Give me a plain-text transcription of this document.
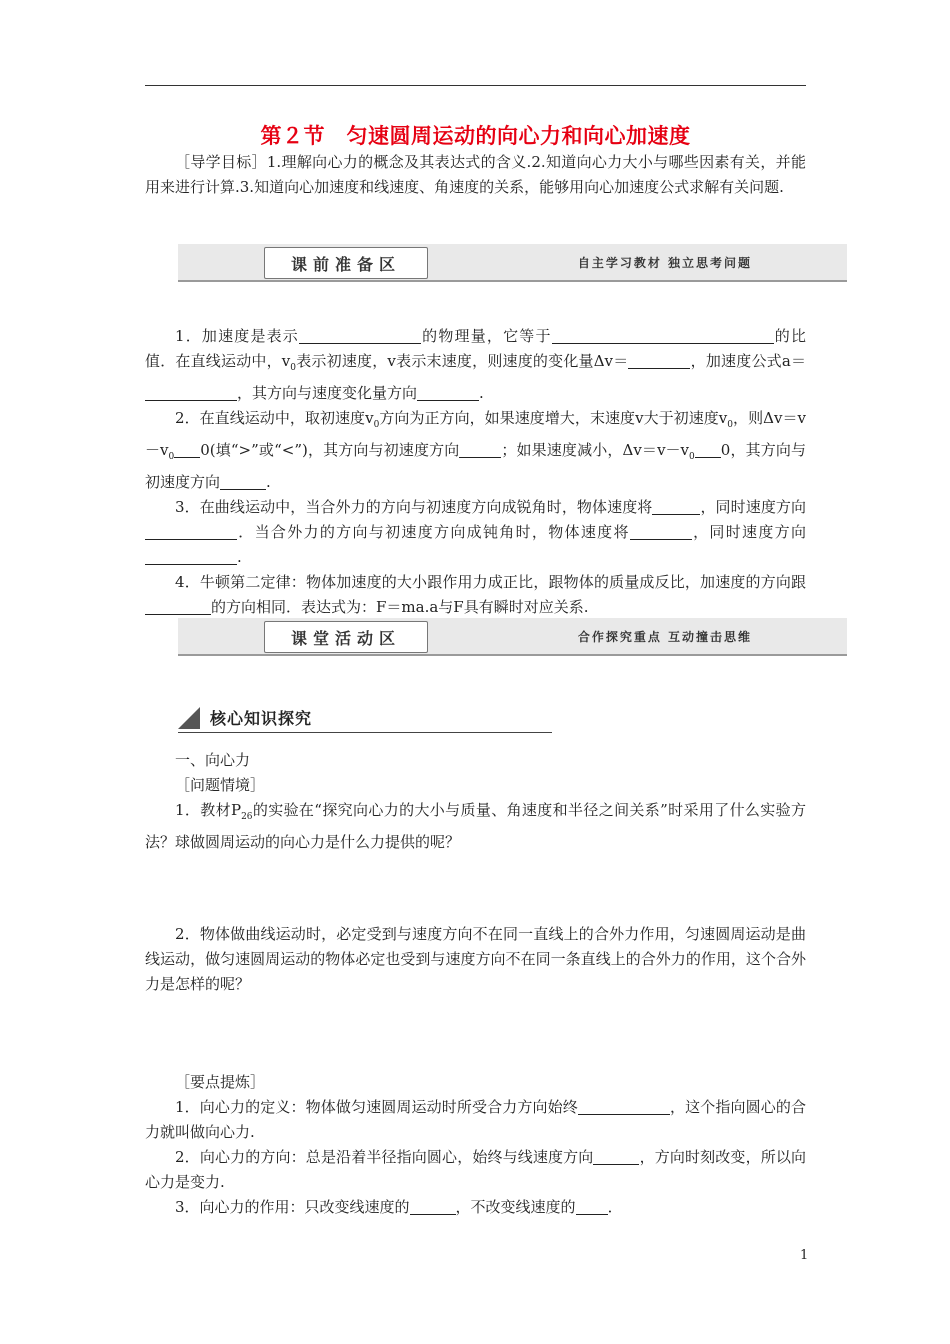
第２节　匀速圆周运动的向心力和向心加速度

［导学目标］1.理解向心力的概念及其表达式的含义.2.知道向心力大小与哪些因素有关，并能用来进行计算.3.知道向心加速度和线速度、角速度的关系，能够用向心加速度公式求解有关问题.

课前准备区	自主学习教材 独立思考问题

1．加速度是表示	的物理量，它等于	的比值．在直线运动中，$v_0$表示初速度，v表示末速度，则速度的变化量Δv＝	，加速度公式a＝，其方向与速度变化量方向	.

2．在直线运动中，取初速度$v_0$方向为正方向，如果速度增大，末速度v大于初速度$v_0$，则$\Delta v=v-v_0$ 0(填“>”或“<”)，其方向与初速度方向	；如果速度减小，$\Delta v=v-v_0$ 0，其方向与初速度方向	.

3．在曲线运动中，当合外力的方向与初速度方向成锐角时，物体速度将	，同时速度方向．当合外力的方向与初速度方向成钝角时，物体速度将	，同时速度方向.

4．牛顿第二定律：物体加速度的大小跟作用力成正比，跟物体的质量成反比，加速度的方向跟的方向相同．表达式为：F＝ma.a与F具有瞬时对应关系.

课堂活动区	合作探究重点 互动撞击思维
核心知识探究

一、向心力

［问题情境］

1．教材$P_{26}$的实验在“探究向心力的大小与质量、角速度和半径之间关系”时采用了什么实验方法？球做圆周运动的向心力是什么力提供的呢？

2．物体做曲线运动时，必定受到与速度方向不在同一直线上的合外力作用，匀速圆周运动是曲线运动，做匀速圆周运动的物体必定也受到与速度方向不在同一条直线上的合外力的作用，这个合外力是怎样的呢？

［要点提炼］

1．向心力的定义：物体做匀速圆周运动时所受合力方向始终	，这个指向圆心的合力就叫做向心力.

2．向心力的方向：总是沿着半径指向圆心，始终与线速度方向	，方向时刻改变，所以向心力是变力.

3．向心力的作用：只改变线速度的	，不改变线速度的 ．

1
